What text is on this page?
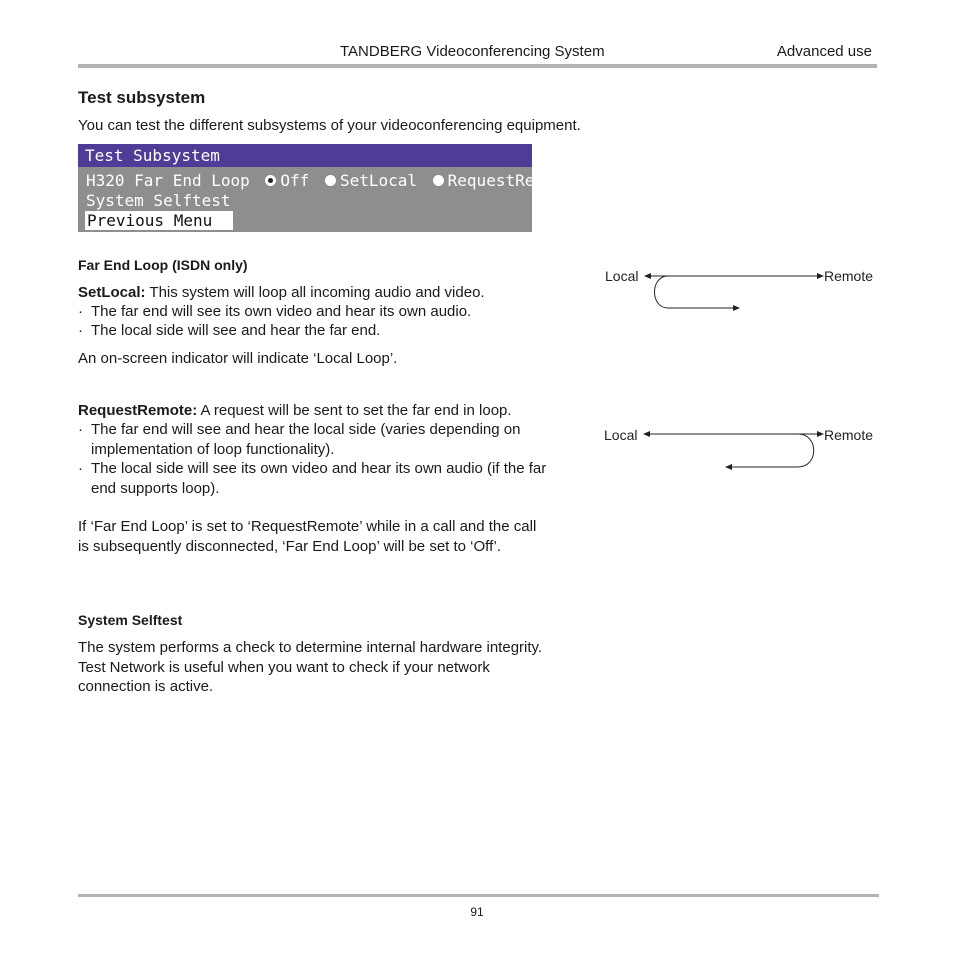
TANDBERG Videoconferencing System	Advanced use
Test subsystem

You can test the different subsystems of your videoconferencing equipment.

Test Subsystem
H320 Far End Loop Off SetLocal RequestRemote
System Selftest
Previous Menu
Far End Loop (ISDN only)

SetLocal: This system will loop all incoming audio and video.

· The far end will see its own video and hear its own audio.
· The local side will see and hear the far end.

An on-screen indicator will indicate ‘Local Loop’.

RequestRemote: A request will be sent to set the far end in loop.

· The far end will see and hear the local side (varies depending on implementation of loop functionality).
· The local side will see its own video and hear its own audio (if the far end supports loop).

If ‘Far End Loop’ is set to ‘RequestRemote’ while in a call and the call is subsequently disconnected, ‘Far End Loop’ will be set to ‘Off’.

System Selftest

The system performs a check to determine internal hardware integrity. Test Network is useful when you want to check if your network connection is active.

Local	Remote
Local	Remote
91
